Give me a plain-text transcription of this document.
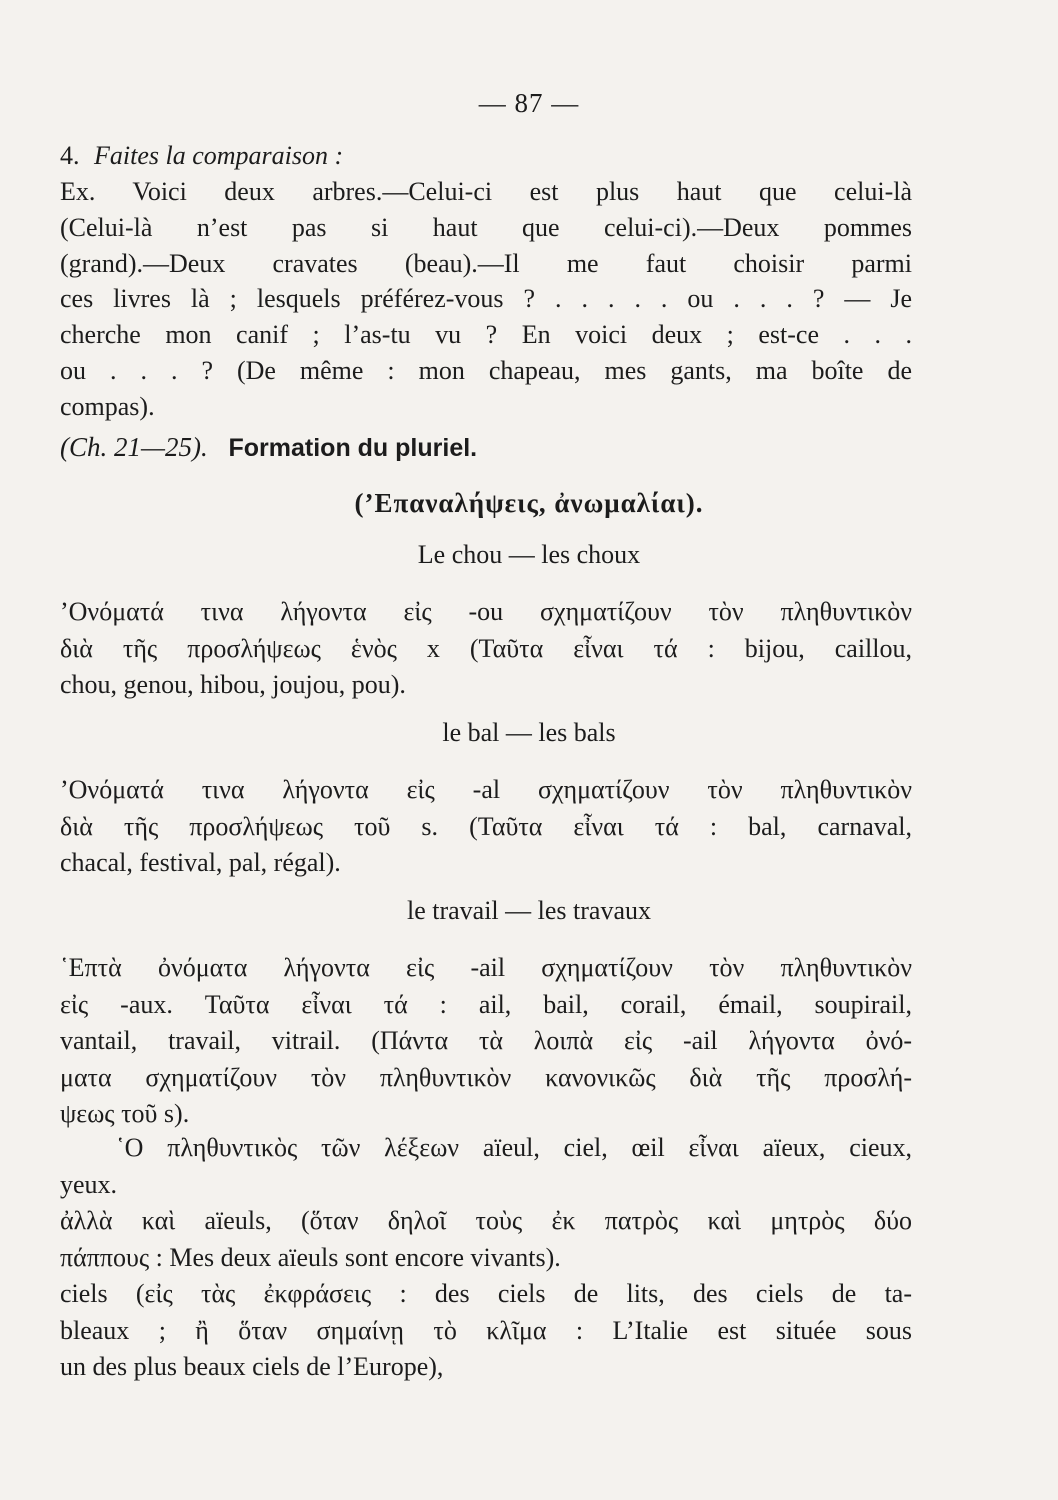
— 87 —
4. Faites la comparaison :
Ex. Voici deux arbres.—Celui-ci est plus haut que celui-là
(Celui-là n’est pas si haut que celui-ci).—Deux pommes
(grand).—Deux cravates (beau).—Il me faut choisir parmi
ces livres là ; lesquels préférez-vous ? . . . . . ou . . . ? — Je
cherche mon canif ; l’as-tu vu ? En voici deux ; est-ce . . .
ou . . . ? (De même : mon chapeau, mes gants, ma boîte de
compas).
(Ch. 21—25). Formation du pluriel.
(’Επαναλήψεις, ἀνωμαλίαι).
Le chou — les choux
’Ονόματά τινα λήγοντα εἰς -ou σχηματίζουν τὸν πληθυντικὸν
διὰ τῆς προσλήψεως ἑνὸς x (Ταῦτα εἶναι τά : bijou, caillou,
chou, genou, hibou, joujou, pou).
le bal — les bals
’Ονόματά τινα λήγοντα εἰς -al σχηματίζουν τὸν πληθυντικὸν
διὰ τῆς προσλήψεως τοῦ s. (Ταῦτα εἶναι τά : bal, carnaval,
chacal, festival, pal, régal).
le travail — les travaux
῾Επτὰ ὀνόματα λήγοντα εἰς -ail σχηματίζουν τὸν πληθυντικὸν
εἰς -aux. Ταῦτα εἶναι τά : ail, bail, corail, émail, soupirail,
vantail, travail, vitrail. (Πάντα τὰ λοιπὰ εἰς -ail λήγοντα ὀνό-
ματα σχηματίζουν τὸν πληθυντικὸν κανονικῶς διὰ τῆς προσλή-
ψεως τοῦ s).
῾Ο πληθυντικὸς τῶν λέξεων aïeul, ciel, œil εἶναι aïeux, cieux,
yeux.
ἀλλὰ καὶ aïeuls, (ὅταν δηλοῖ τοὺς ἐκ πατρὸς καὶ μητρὸς δύο
πάππους : Mes deux aïeuls sont encore vivants).
ciels (εἰς τὰς ἐκφράσεις : des ciels de lits, des ciels de ta-
bleaux ; ἢ ὅταν σημαίνῃ τὸ κλῖμα : L’Italie est située sous
un des plus beaux ciels de l’Europe),
